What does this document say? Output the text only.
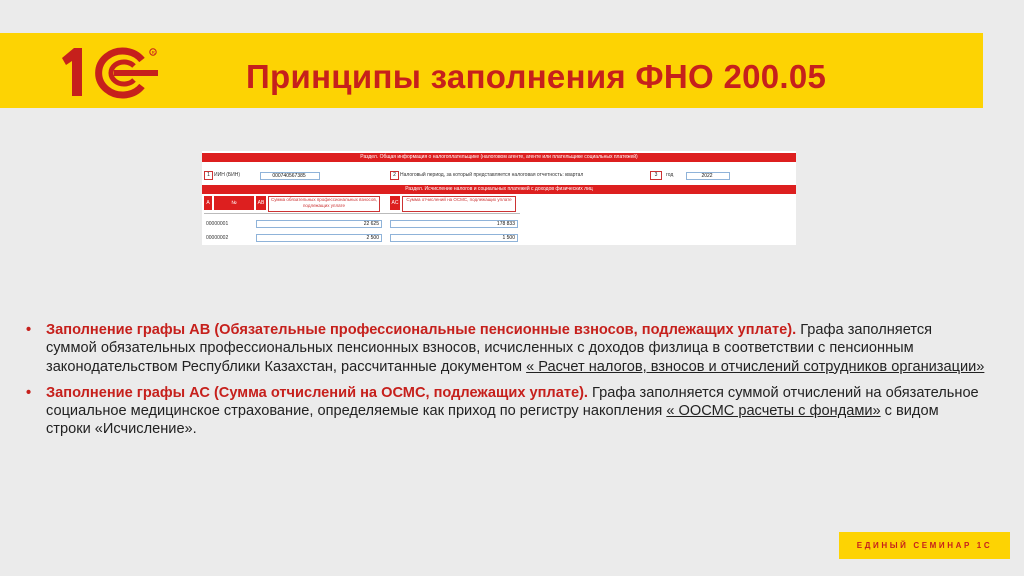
R
Принципы заполнения ФНО 200.05
Раздел. Общая информация о налогоплательщике (налоговом агенте, агенте или плательщике социальных платежей)
1 ИИН (БИН)	000740567385	2 Налоговый период, за который представляется налоговая отчетность: квартал	3	год	2022
Раздел. Исчисление налогов и социальных платежей с доходов физических лиц
A	№	AB
Сумма обязательных профессиональных взносов, подлежащих уплате	AC
Сумма отчислений на ОСМС, подлежащих уплате
00000001	22 625	178 833
00000002	2 500	1 500
• Заполнение графы АВ (Обязательные профессиональные пенсионные взносов, подлежащих уплате). Графа заполняется суммой обязательных профессиональных пенсионных взносов, исчисленных с доходов физлица в соответствии с пенсионным законодательством Республики Казахстан, рассчитанные документом « Расчет налогов, взносов и отчислений сотрудников организации»
• Заполнение графы АС (Сумма отчислений на ОСМС, подлежащих уплате). Графа заполняется суммой отчислений на обязательное социальное медицинское страхование, определяемые как приход по регистру накопления « ООСМС расчеты с фондами» с видом строки «Исчисление».
ЕДИНЫЙ СЕМИНАР 1С
